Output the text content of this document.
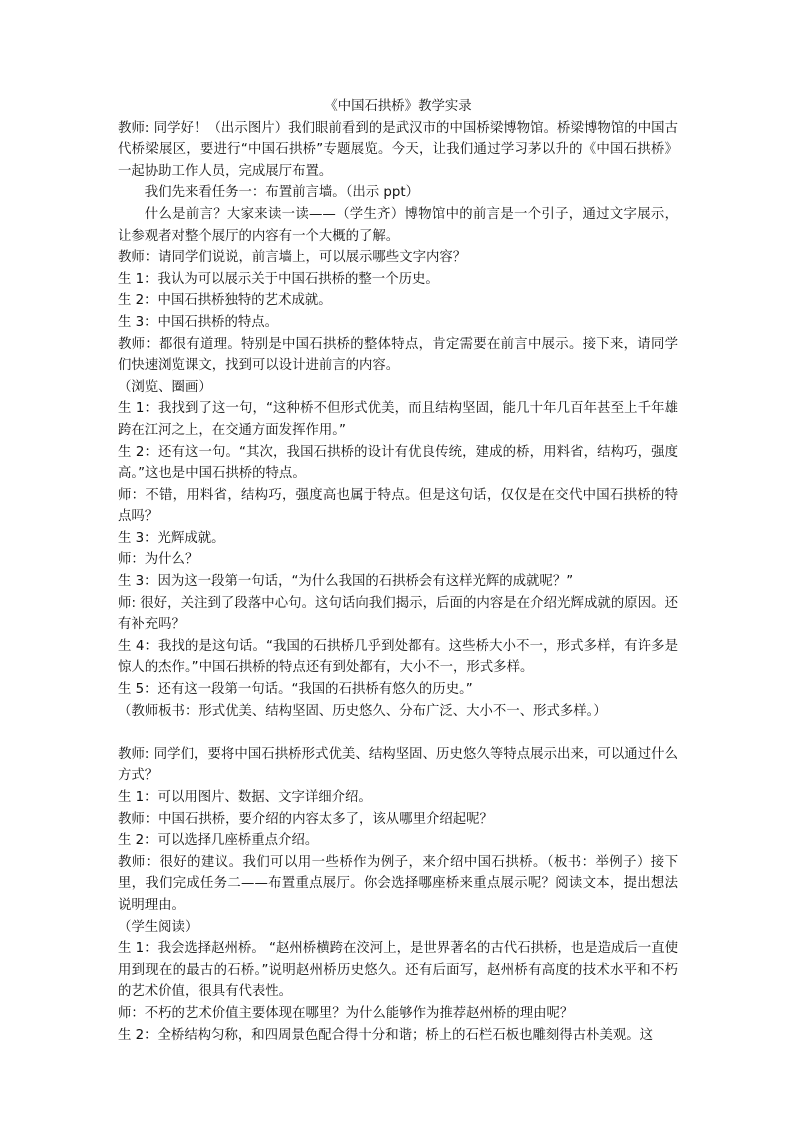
《中国石拱桥》教学实录

教师: 同学好！（出示图片）我们眼前看到的是武汉市的中国桥梁博物馆。桥梁博物馆的中国古代桥梁展区，要进行“中国石拱桥”专题展览。今天，让我们通过学习茅以升的《中国石拱桥》一起协助工作人员，完成展厅布置。

我们先来看任务一：布置前言墙。（出示 ppt）

什么是前言？大家来读一读——（学生齐）博物馆中的前言是一个引子，通过文字展示，让参观者对整个展厅的内容有一个大概的了解。

教师：请同学们说说，前言墙上，可以展示哪些文字内容？

生 1：我认为可以展示关于中国石拱桥的整一个历史。

生 2：中国石拱桥独特的艺术成就。

生 3：中国石拱桥的特点。

教师：都很有道理。特别是中国石拱桥的整体特点，肯定需要在前言中展示。接下来，请同学们快速浏览课文，找到可以设计进前言的内容。

（浏览、圈画）

生 1：我找到了这一句，“这种桥不但形式优美，而且结构坚固，能几十年几百年甚至上千年雄跨在江河之上，在交通方面发挥作用。”

生 2：还有这一句。“其次，我国石拱桥的设计有优良传统，建成的桥，用料省，结构巧，强度高。”这也是中国石拱桥的特点。

师：不错，用料省，结构巧，强度高也属于特点。但是这句话，仅仅是在交代中国石拱桥的特点吗？

生 3：光辉成就。

师：为什么？

生 3：因为这一段第一句话，“为什么我国的石拱桥会有这样光辉的成就呢？”

师: 很好，关注到了段落中心句。这句话向我们揭示，后面的内容是在介绍光辉成就的原因。还有补充吗？

生 4：我找的是这句话。“我国的石拱桥几乎到处都有。这些桥大小不一，形式多样，有许多是惊人的杰作。”中国石拱桥的特点还有到处都有，大小不一，形式多样。

生 5：还有这一段第一句话。“我国的石拱桥有悠久的历史。”

（教师板书：形式优美、结构坚固、历史悠久、分布广泛、大小不一、形式多样。）

教师: 同学们，要将中国石拱桥形式优美、结构坚固、历史悠久等特点展示出来，可以通过什么方式？

生 1：可以用图片、数据、文字详细介绍。

教师：中国石拱桥，要介绍的内容太多了，该从哪里介绍起呢？

生 2：可以选择几座桥重点介绍。

教师：很好的建议。我们可以用一些桥作为例子，来介绍中国石拱桥。（板书：举例子）接下里，我们完成任务二——布置重点展厅。你会选择哪座桥来重点展示呢？阅读文本，提出想法说明理由。

（学生阅读）

生 1：我会选择赵州桥。 “赵州桥横跨在洨河上，是世界著名的古代石拱桥，也是造成后一直使用到现在的最古的石桥。”说明赵州桥历史悠久。还有后面写，赵州桥有高度的技术水平和不朽的艺术价值，很具有代表性。

师：不朽的艺术价值主要体现在哪里？为什么能够作为推荐赵州桥的理由呢？

生 2：全桥结构匀称，和四周景色配合得十分和谐；桥上的石栏石板也雕刻得古朴美观。这
